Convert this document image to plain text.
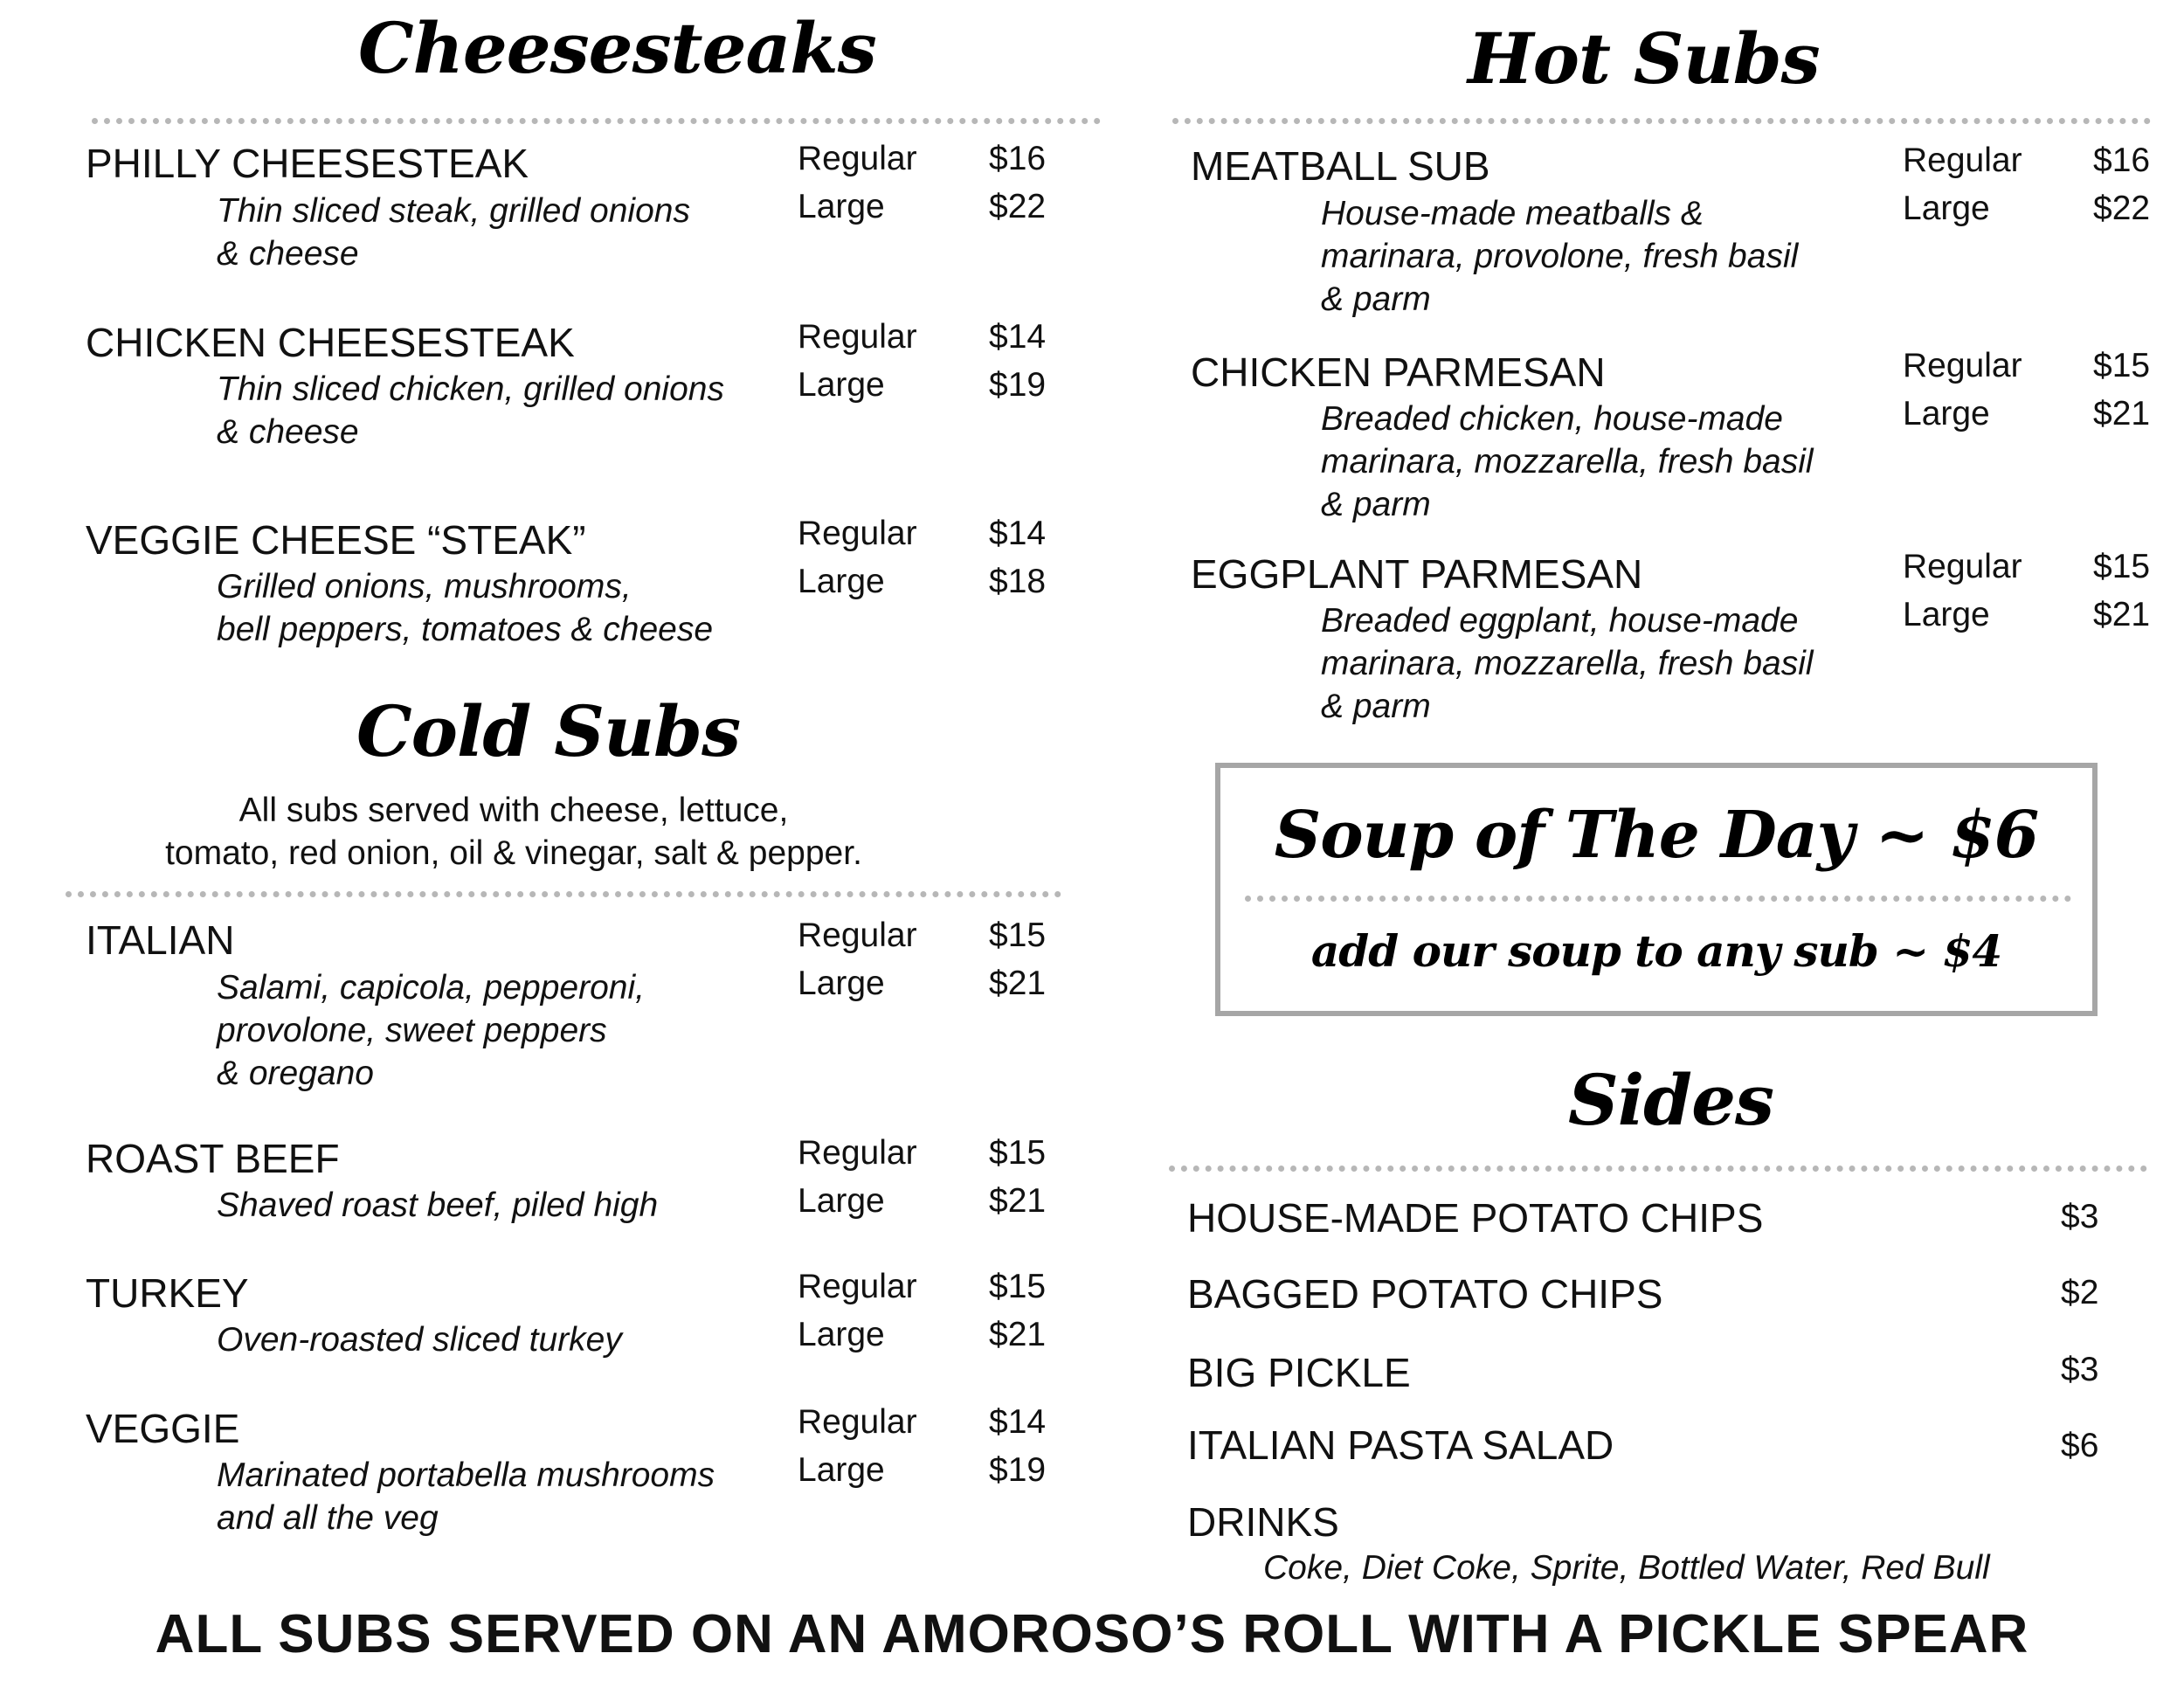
Cheesesteaks
PHILLY CHEESESTEAK
Thin sliced steak, grilled onions
& cheese
Regular $16
Large	$22
CHICKEN CHEESESTEAK
Thin sliced chicken, grilled onions
& cheese
Regular $14
Large	$19
VEGGIE CHEESE “STEAK”
Grilled onions, mushrooms,
bell peppers, tomatoes & cheese
Regular $14
Large	$18
Cold Subs
All subs served with cheese, lettuce,
tomato, red onion, oil & vinegar, salt & pepper.
ITALIAN
Salami, capicola, pepperoni,
provolone, sweet peppers
& oregano
Regular $15
Large	$21
ROAST BEEF
Shaved roast beef, piled high
Regular $15
Large	$21
TURKEY
Oven-roasted sliced turkey
Regular $15
Large	$21
VEGGIE
Marinated portabella mushrooms
and all the veg
Regular $14
Large	$19
Hot Subs
MEATBALL SUB
House-made meatballs &
marinara, provolone, fresh basil
& parm
Regular $16
Large	$22
CHICKEN PARMESAN
Breaded chicken, house-made
marinara, mozzarella, fresh basil
& parm
Regular $15
Large	$21
EGGPLANT PARMESAN
Breaded eggplant, house-made
marinara, mozzarella, fresh basil
& parm
Regular $15
Large	$21
Soup of The Day ~ $6
add our soup to any sub ~ $4
Sides
HOUSE-MADE POTATO CHIPS	$3
BAGGED POTATO CHIPS	$2
BIG PICKLE	$3
ITALIAN PASTA SALAD	$6
DRINKS
Coke, Diet Coke, Sprite, Bottled Water, Red Bull
ALL SUBS SERVED ON AN AMOROSO’S ROLL WITH A PICKLE SPEAR
